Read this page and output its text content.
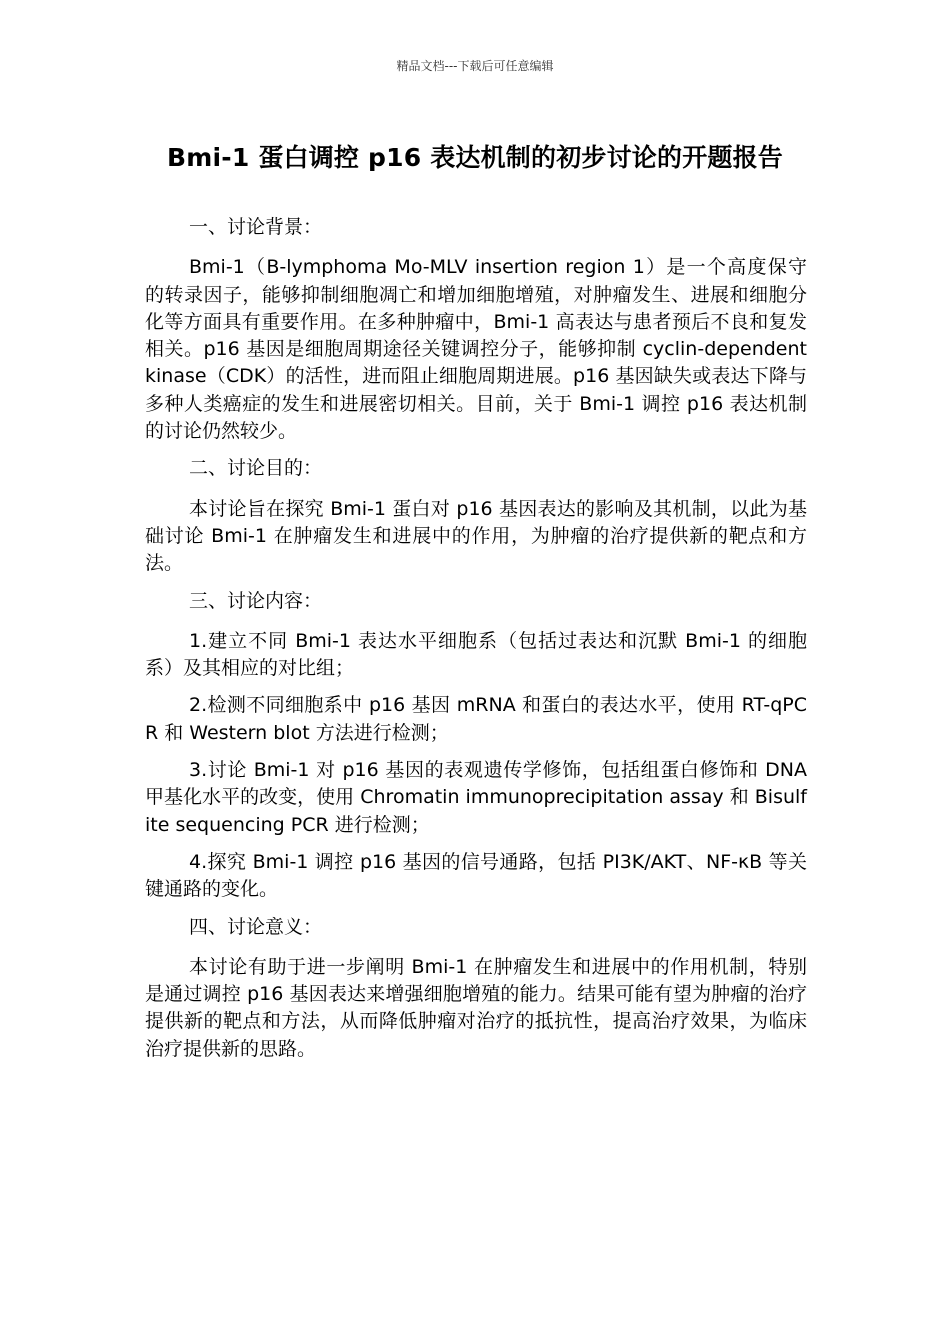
精品文档---下载后可任意编辑
Bmi-1 蛋白调控 p16 表达机制的初步讨论的开题报告

一、讨论背景：

Bmi-1（B-lymphoma Mo-MLV insertion region 1）是一个高度保守的转录因子，能够抑制细胞凋亡和增加细胞增殖，对肿瘤发生、进展和细胞分化等方面具有重要作用。在多种肿瘤中，Bmi-1 高表达与患者预后不良和复发相关。p16 基因是细胞周期途径关键调控分子，能够抑制 cyclin-dependent kinase（CDK）的活性，进而阻止细胞周期进展。p16 基因缺失或表达下降与多种人类癌症的发生和进展密切相关。目前，关于 Bmi-1 调控 p16 表达机制的讨论仍然较少。

二、讨论目的：

本讨论旨在探究 Bmi-1 蛋白对 p16 基因表达的影响及其机制，以此为基础讨论 Bmi-1 在肿瘤发生和进展中的作用，为肿瘤的治疗提供新的靶点和方法。

三、讨论内容：

1.建立不同 Bmi-1 表达水平细胞系（包括过表达和沉默 Bmi-1 的细胞系）及其相应的对比组；

2.检测不同细胞系中 p16 基因 mRNA 和蛋白的表达水平，使用 RT-qPCR 和 Western blot 方法进行检测；

3.讨论 Bmi-1 对 p16 基因的表观遗传学修饰，包括组蛋白修饰和 DNA 甲基化水平的改变，使用 Chromatin immunoprecipitation assay 和 Bisulfite sequencing PCR 进行检测；

4.探究 Bmi-1 调控 p16 基因的信号通路，包括 PI3K/AKT、NF-κB 等关键通路的变化。

四、讨论意义：

本讨论有助于进一步阐明 Bmi-1 在肿瘤发生和进展中的作用机制，特别是通过调控 p16 基因表达来增强细胞增殖的能力。结果可能有望为肿瘤的治疗提供新的靶点和方法，从而降低肿瘤对治疗的抵抗性，提高治疗效果，为临床治疗提供新的思路。
